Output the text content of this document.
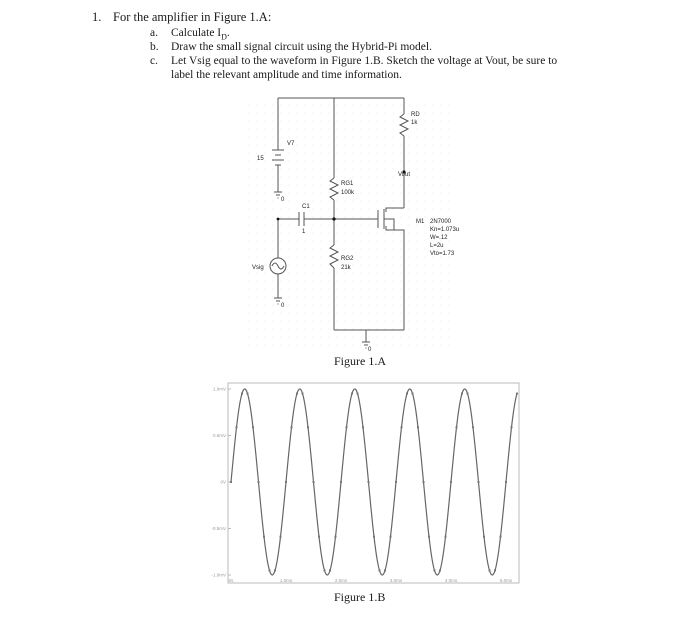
1. For the amplifier in Figure 1.A:
a. Calculate $I_D$.
b. Draw the small signal circuit using the Hybrid-Pi model.
c. Let Vsig equal to the waveform in Figure 1.B. Sketch the voltage at Vout, be sure to
label the relevant amplitude and time information.
V7
15
RD
1k
Vout
RG1
100k
C1
1
RG2
21k
Vsig
0
0
0
M1 2N7000
Kn=1.073u
W=.12
L=2u
Vto=1.73
Figure 1.A
1.0mV
0.5mV
0V
-0.5mV
-1.0mV
0s	1.0ms	2.0ms	3.0ms	4.0ms	5.0ms
Figure 1.B
